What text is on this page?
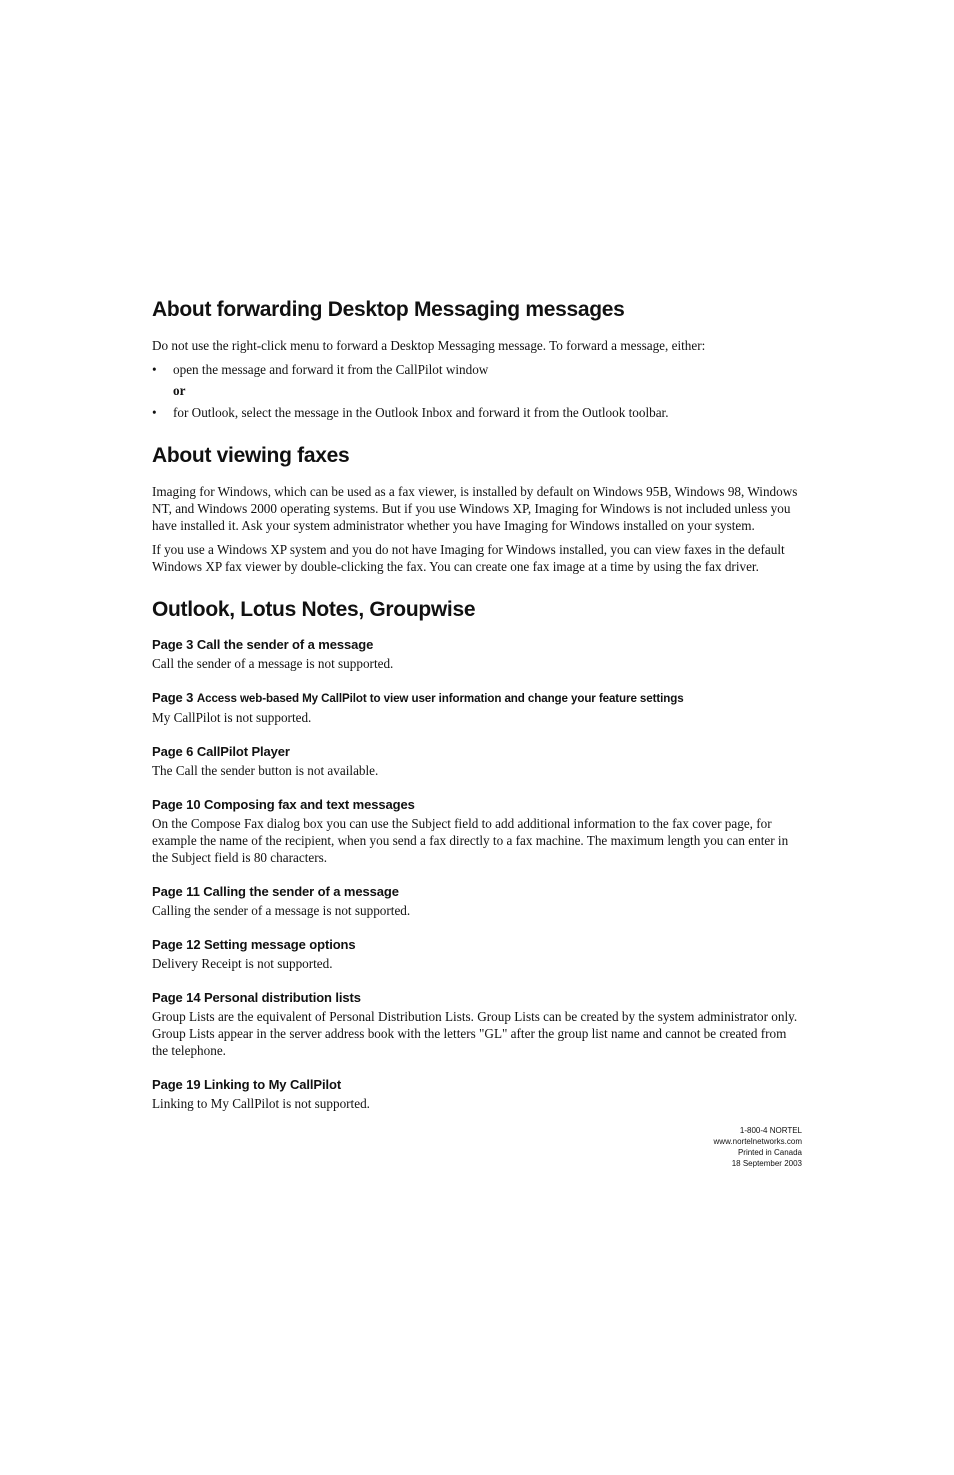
About forwarding Desktop Messaging messages

Do not use the right-click menu to forward a Desktop Messaging message. To forward a message, either:

• open the message and forward it from the CallPilot window
or
• for Outlook, select the message in the Outlook Inbox and forward it from the Outlook toolbar.
About viewing faxes

Imaging for Windows, which can be used as a fax viewer, is installed by default on Windows 95B, Windows 98, Windows NT, and Windows 2000 operating systems. But if you use Windows XP, Imaging for Windows is not included unless you have installed it. Ask your system administrator whether you have Imaging for Windows installed on your system.

If you use a Windows XP system and you do not have Imaging for Windows installed, you can view faxes in the default Windows XP fax viewer by double-clicking the fax. You can create one fax image at a time by using the fax driver.

Outlook, Lotus Notes, Groupwise
Page 3 Call the sender of a message

Call the sender of a message is not supported.

Page 3 Access web-based My CallPilot to view user information and change your feature settings

My CallPilot is not supported.

Page 6 CallPilot Player

The Call the sender button is not available.

Page 10 Composing fax and text messages

On the Compose Fax dialog box you can use the Subject field to add additional information to the fax cover page, for example the name of the recipient, when you send a fax directly to a fax machine. The maximum length you can enter in the Subject field is 80 characters.

Page 11 Calling the sender of a message

Calling the sender of a message is not supported.

Page 12 Setting message options

Delivery Receipt is not supported.

Page 14 Personal distribution lists

Group Lists are the equivalent of Personal Distribution Lists. Group Lists can be created by the system administrator only. Group Lists appear in the server address book with the letters "GL" after the group list name and cannot be created from the telephone.

Page 19 Linking to My CallPilot

Linking to My CallPilot is not supported.

1-800-4 NORTEL
www.nortelnetworks.com
Printed in Canada
18 September 2003
